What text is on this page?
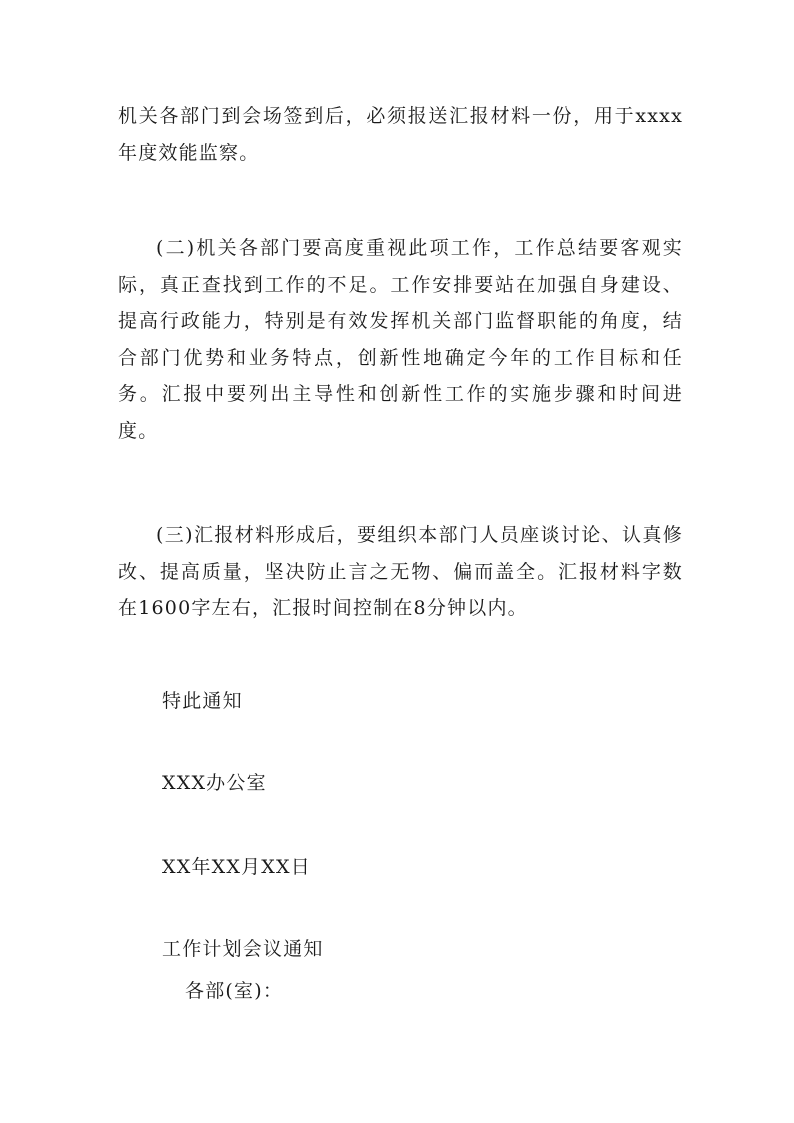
机关各部门到会场签到后，必须报送汇报材料一份，用于xxxx年度效能监察。

(二)机关各部门要高度重视此项工作，工作总结要客观实际，真正查找到工作的不足。工作安排要站在加强自身建设、提高行政能力，特别是有效发挥机关部门监督职能的角度，结合部门优势和业务特点，创新性地确定今年的工作目标和任务。汇报中要列出主导性和创新性工作的实施步骤和时间进度。

(三)汇报材料形成后，要组织本部门人员座谈讨论、认真修改、提高质量，坚决防止言之无物、偏而盖全。汇报材料字数在1600字左右，汇报时间控制在8分钟以内。

特此通知

XXX办公室

XX年XX月XX日

工作计划会议通知

各部(室)：
